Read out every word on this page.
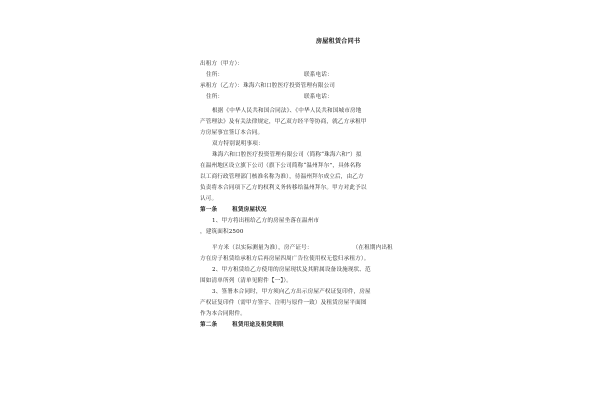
房屋租赁合同书
出租方（甲方）：
住所：	联系电话：
承租方（乙方）：珠海六和口腔医疗投资管理有限公司
住所：	联系电话：
根据《中华人民共和国合同法》、《中华人民共和国城市房地
产管理法》及有关法律规定，甲乙双方经平等协商，就乙方承租甲
方房屋事宜签订本合同。
双方特别说明事项：
珠海六和口腔医疗投资管理有限公司（简称“珠海六和”）拟
在温州地区设立旗下公司（旗下公司简称“温州拜尔”，具体名称
以工商行政管理部门核准名称为准），待温州拜尔成立后，由乙方
负责将本合同项下乙方的权利义务转移给温州拜尔。甲方对此予以
认可。
第一条	租赁房屋状况
1、甲方将出租给乙方的房屋坐落在温州市
，建筑面积2500
平方米（以实际测量为准），房产证号：	（在租期内出租
方在房子租赁给承租方后再房屋四周广告位使用权无偿归承租方）。
2、甲方租赁给乙方使用的房屋现状及其附属设备设施现状、范
围如清单所列（清单见附件【一】）。
3、签署本合同时，甲方须向乙方出示房屋产权证复印件，房屋
产权证复印件（需甲方签字、注明与原件一致）及租赁房屋平面图
作为本合同附件。
第二条	租赁用途及租赁期限
